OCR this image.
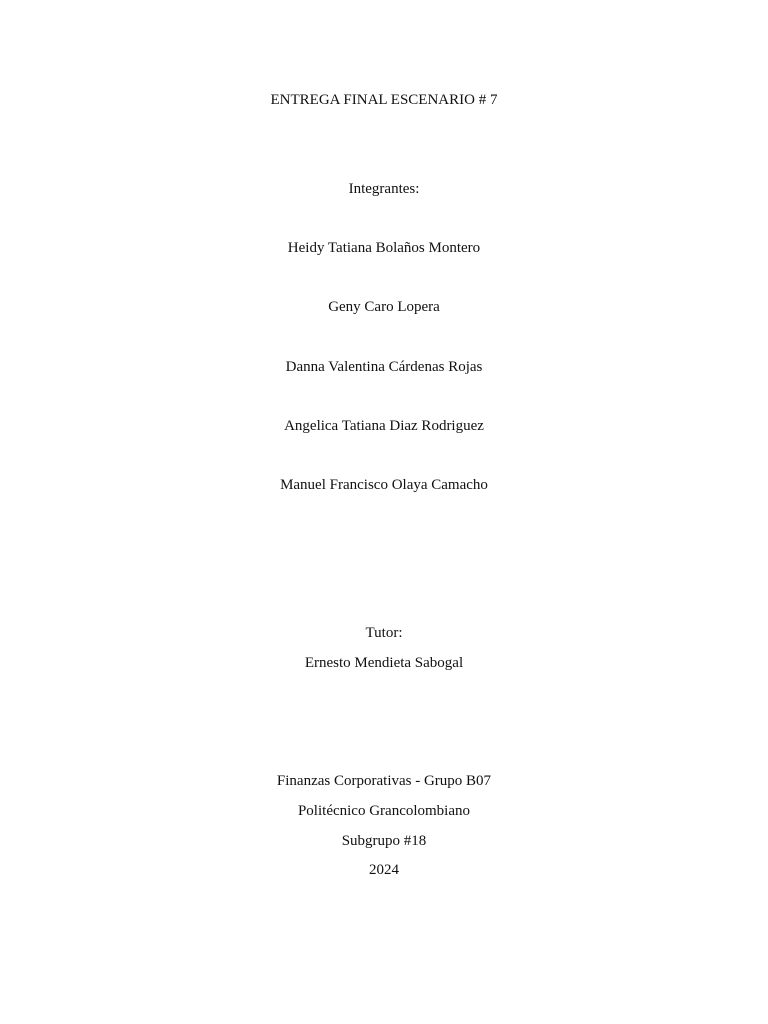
ENTREGA FINAL ESCENARIO # 7
Integrantes:
Heidy Tatiana Bolaños Montero
Geny Caro Lopera
Danna Valentina Cárdenas Rojas
Angelica Tatiana Diaz Rodriguez
Manuel Francisco Olaya Camacho
Tutor:
Ernesto Mendieta Sabogal
Finanzas Corporativas - Grupo B07
Politécnico Grancolombiano
Subgrupo #18
2024
